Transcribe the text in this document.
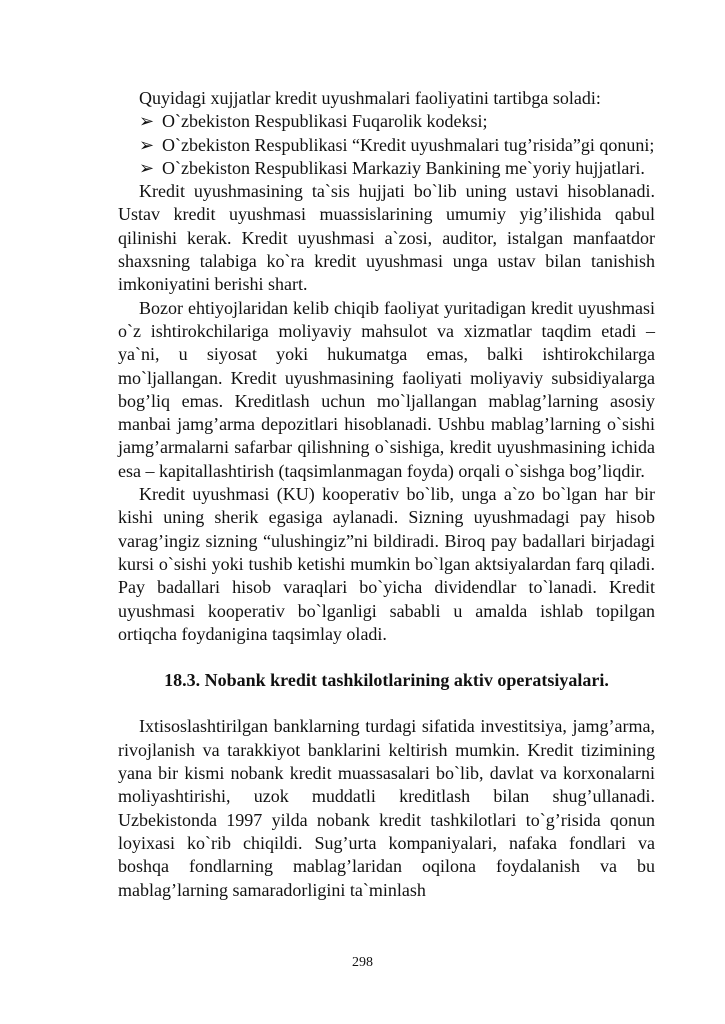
Quyidagi xujjatlar kredit uyushmalari faoliyatini tartibga soladi:

➢ O`zbekiston Respublikasi Fuqarolik kodeksi;

➢ O`zbekiston Respublikasi “Kredit uyushmalari tug’risida”gi qonuni;

➢ O`zbekiston Respublikasi Markaziy Bankining me`yoriy hujjatlari.

Kredit uyushmasining ta`sis hujjati bo`lib uning ustavi hisoblanadi. Ustav kredit uyushmasi muassislarining umumiy yig’ilishida qabul qilinishi kerak. Kredit uyushmasi a`zosi, auditor, istalgan manfaatdor shaxsning talabiga ko`ra kredit uyushmasi unga ustav bilan tanishish imkoniyatini berishi shart.

Bozor ehtiyojlaridan kelib chiqib faoliyat yuritadigan kredit uyushmasi o`z ishtirokchilariga moliyaviy mahsulot va xizmatlar taqdim etadi – ya`ni, u siyosat yoki hukumatga emas, balki ishtirokchilarga mo`ljallangan. Kredit uyushmasining faoliyati moliyaviy subsidiyalarga bog’liq emas. Kreditlash uchun mo`ljallangan mablag’larning asosiy manbai jamg’arma depozitlari hisoblanadi. Ushbu mablag’larning o`sishi jamg’armalarni safarbar qilishning o`sishiga, kredit uyushmasining ichida esa – kapitallashtirish (taqsimlanmagan foyda) orqali o`sishga bog’liqdir.

Kredit uyushmasi (KU) kooperativ bo`lib, unga a`zo bo`lgan har bir kishi uning sherik egasiga aylanadi. Sizning uyushmadagi pay hisob varag’ingiz sizning “ulushingiz”ni bildiradi. Biroq pay badallari birjadagi kursi o`sishi yoki tushib ketishi mumkin bo`lgan aktsiyalardan farq qiladi. Pay badallari hisob varaqlari bo`yicha dividendlar to`lanadi. Kredit uyushmasi kooperativ bo`lganligi sababli u amalda ishlab topilgan ortiqcha foydanigina taqsimlay oladi.

18.3. Nobank kredit tashkilotlarining aktiv operatsiyalari.

Ixtisoslashtirilgan banklarning turdagi sifatida investitsiya, jamg’arma, rivojlanish va tarakkiyot banklarini keltirish mumkin. Kredit tizimining yana bir kismi nobank kredit muassasalari bo`lib, davlat va korxonalarni moliyashtirishi, uzok muddatli kreditlash bilan shug’ullanadi. Uzbekistonda 1997 yilda nobank kredit tashkilotlari to`g’risida qonun loyixasi ko`rib chiqildi. Sug’urta kompaniyalari, nafaka fondlari va boshqa fondlarning mablag’laridan oqilona foydalanish va bu mablag’larning samaradorligini ta`minlash

298
